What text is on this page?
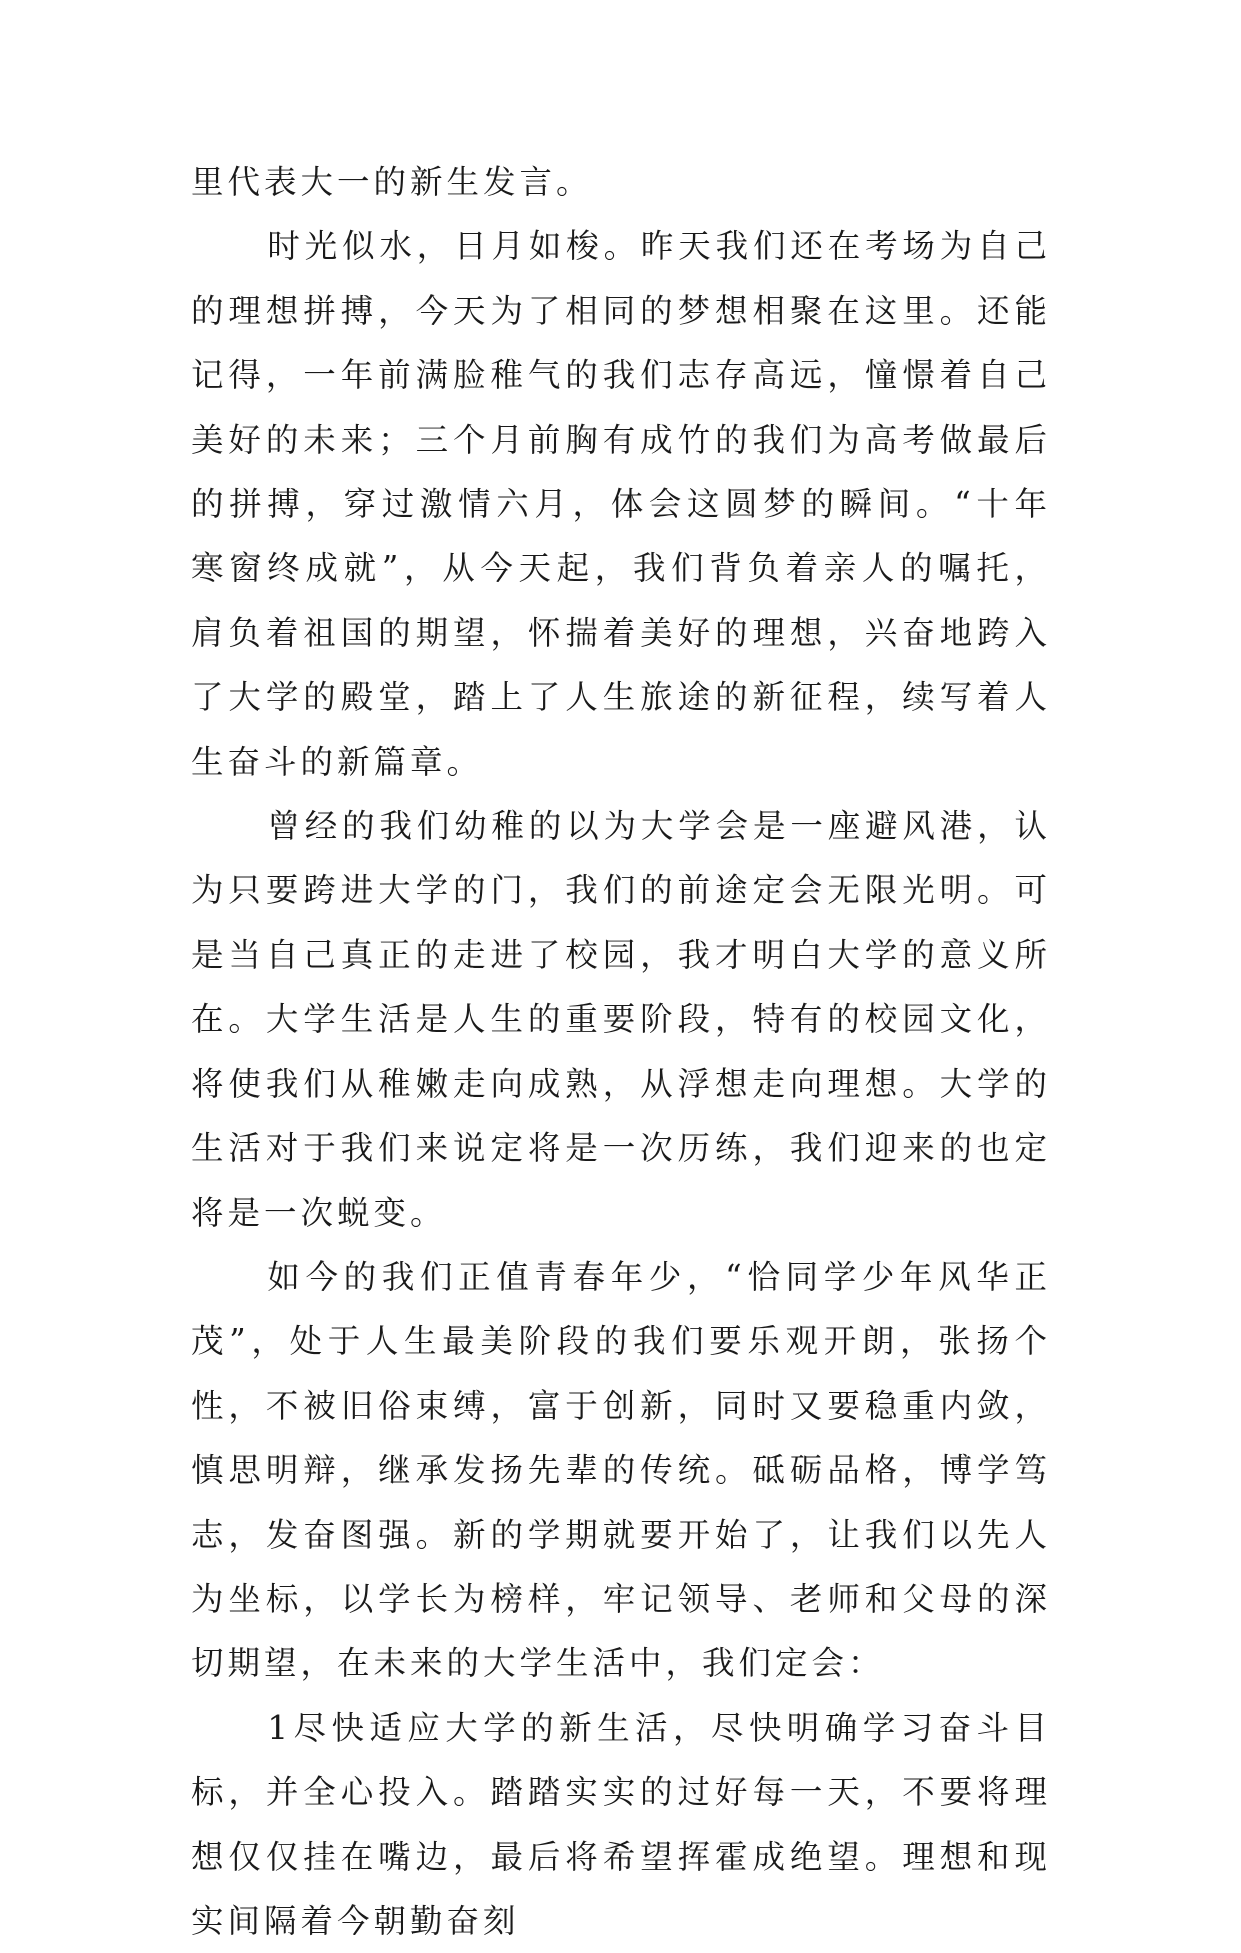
里代表大一的新生发言。

时光似水，日月如梭。昨天我们还在考场为自己的理想拼搏，今天为了相同的梦想相聚在这里。还能记得，一年前满脸稚气的我们志存高远，憧憬着自己美好的未来；三个月前胸有成竹的我们为高考做最后的拼搏，穿过激情六月，体会这圆梦的瞬间。“十年寒窗终成就”，从今天起，我们背负着亲人的嘱托，肩负着祖国的期望，怀揣着美好的理想，兴奋地跨入了大学的殿堂，踏上了人生旅途的新征程，续写着人生奋斗的新篇章。

曾经的我们幼稚的以为大学会是一座避风港，认为只要跨进大学的门，我们的前途定会无限光明。可是当自己真正的走进了校园，我才明白大学的意义所在。大学生活是人生的重要阶段，特有的校园文化，将使我们从稚嫩走向成熟，从浮想走向理想。大学的生活对于我们来说定将是一次历练，我们迎来的也定将是一次蜕变。

如今的我们正值青春年少，“恰同学少年风华正茂”，处于人生最美阶段的我们要乐观开朗，张扬个性，不被旧俗束缚，富于创新，同时又要稳重内敛，慎思明辩，继承发扬先辈的传统。砥砺品格，博学笃志，发奋图强。新的学期就要开始了，让我们以先人为坐标，以学长为榜样，牢记领导、老师和父母的深切期望，在未来的大学生活中，我们定会：

1尽快适应大学的新生活，尽快明确学习奋斗目标，并全心投入。踏踏实实的过好每一天，不要将理想仅仅挂在嘴边，最后将希望挥霍成绝望。理想和现实间隔着今朝勤奋刻
